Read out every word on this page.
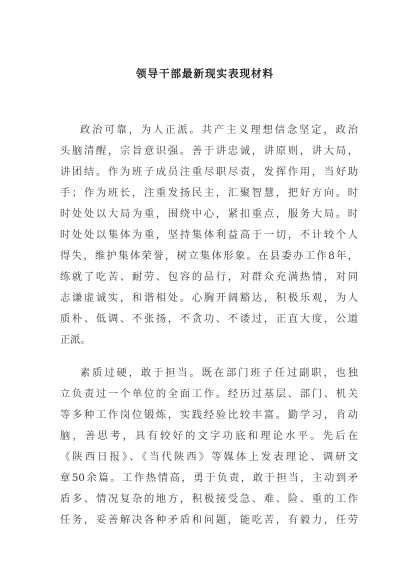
领导干部最新现实表现材料
政治可靠，为人正派。共产主义理想信念坚定，政治
头脑清醒，宗旨意识强。善于讲忠诚，讲原则，讲大局，
讲团结。作为班子成员注重尽职尽责，发挥作用，当好助
手；作为班长，注重发扬民主，汇聚智慧，把好方向。时
时处处以大局为重，围绕中心，紧扣重点，服务大局。时
时处处以集体为重，坚持集体利益高于一切，不计较个人
得失，维护集体荣誉，树立集体形象。在县委办工作8年，
练就了吃苦、耐劳、包容的品行，对群众充满热情，对同
志谦虚诚实，和谐相处。心胸开阔豁达，积极乐观，为人
质朴、低调、不张扬，不贪功、不诿过，正直大度，公道
正派。
素质过硬，敢于担当。既在部门班子任过副职，也独
立负责过一个单位的全面工作。经历过基层、部门、机关
等多种工作岗位锻炼，实践经验比较丰富。勤学习，肯动
脑，善思考，具有较好的文字功底和理论水平。先后在
《陕西日报》、《当代陕西》等媒体上发表理论、调研文
章50余篇。工作热情高，勇于负责，敢于担当，主动到矛
盾多、情况复杂的地方，积极接受急、难、险、重的工作
任务，妥善解决各种矛盾和问题，能吃苦，有毅力，任劳
